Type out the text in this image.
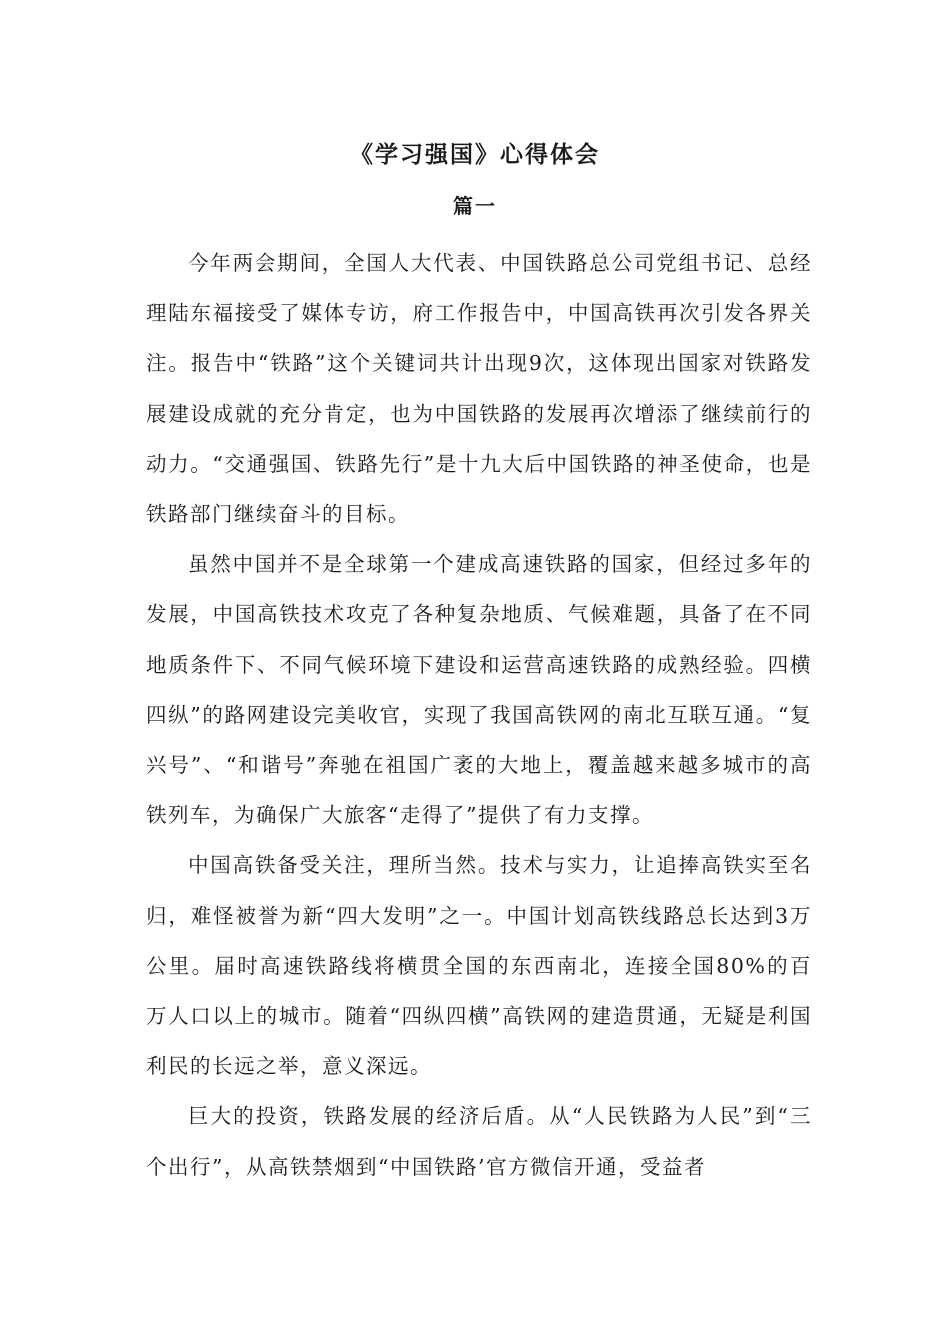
《学习强国》心得体会
篇一

今年两会期间，全国人大代表、中国铁路总公司党组书记、总经理陆东福接受了媒体专访，府工作报告中，中国高铁再次引发各界关注。报告中“铁路”这个关键词共计出现9次，这体现出国家对铁路发展建设成就的充分肯定，也为中国铁路的发展再次增添了继续前行的动力。“交通强国、铁路先行”是十九大后中国铁路的神圣使命，也是铁路部门继续奋斗的目标。

虽然中国并不是全球第一个建成高速铁路的国家，但经过多年的发展，中国高铁技术攻克了各种复杂地质、气候难题，具备了在不同地质条件下、不同气候环境下建设和运营高速铁路的成熟经验。四横四纵”的路网建设完美收官，实现了我国高铁网的南北互联互通。“复兴号”、“和谐号”奔驰在祖国广袤的大地上，覆盖越来越多城市的高铁列车，为确保广大旅客“走得了”提供了有力支撑。

中国高铁备受关注，理所当然。技术与实力，让追捧高铁实至名归，难怪被誉为新“四大发明”之一。中国计划高铁线路总长达到3万公里。届时高速铁路线将横贯全国的东西南北，连接全国80%的百万人口以上的城市。随着“四纵四横”高铁网的建造贯通，无疑是利国利民的长远之举，意义深远。

巨大的投资，铁路发展的经济后盾。从“人民铁路为人民”到“三个出行”，从高铁禁烟到“中国铁路’官方微信开通，受益者
